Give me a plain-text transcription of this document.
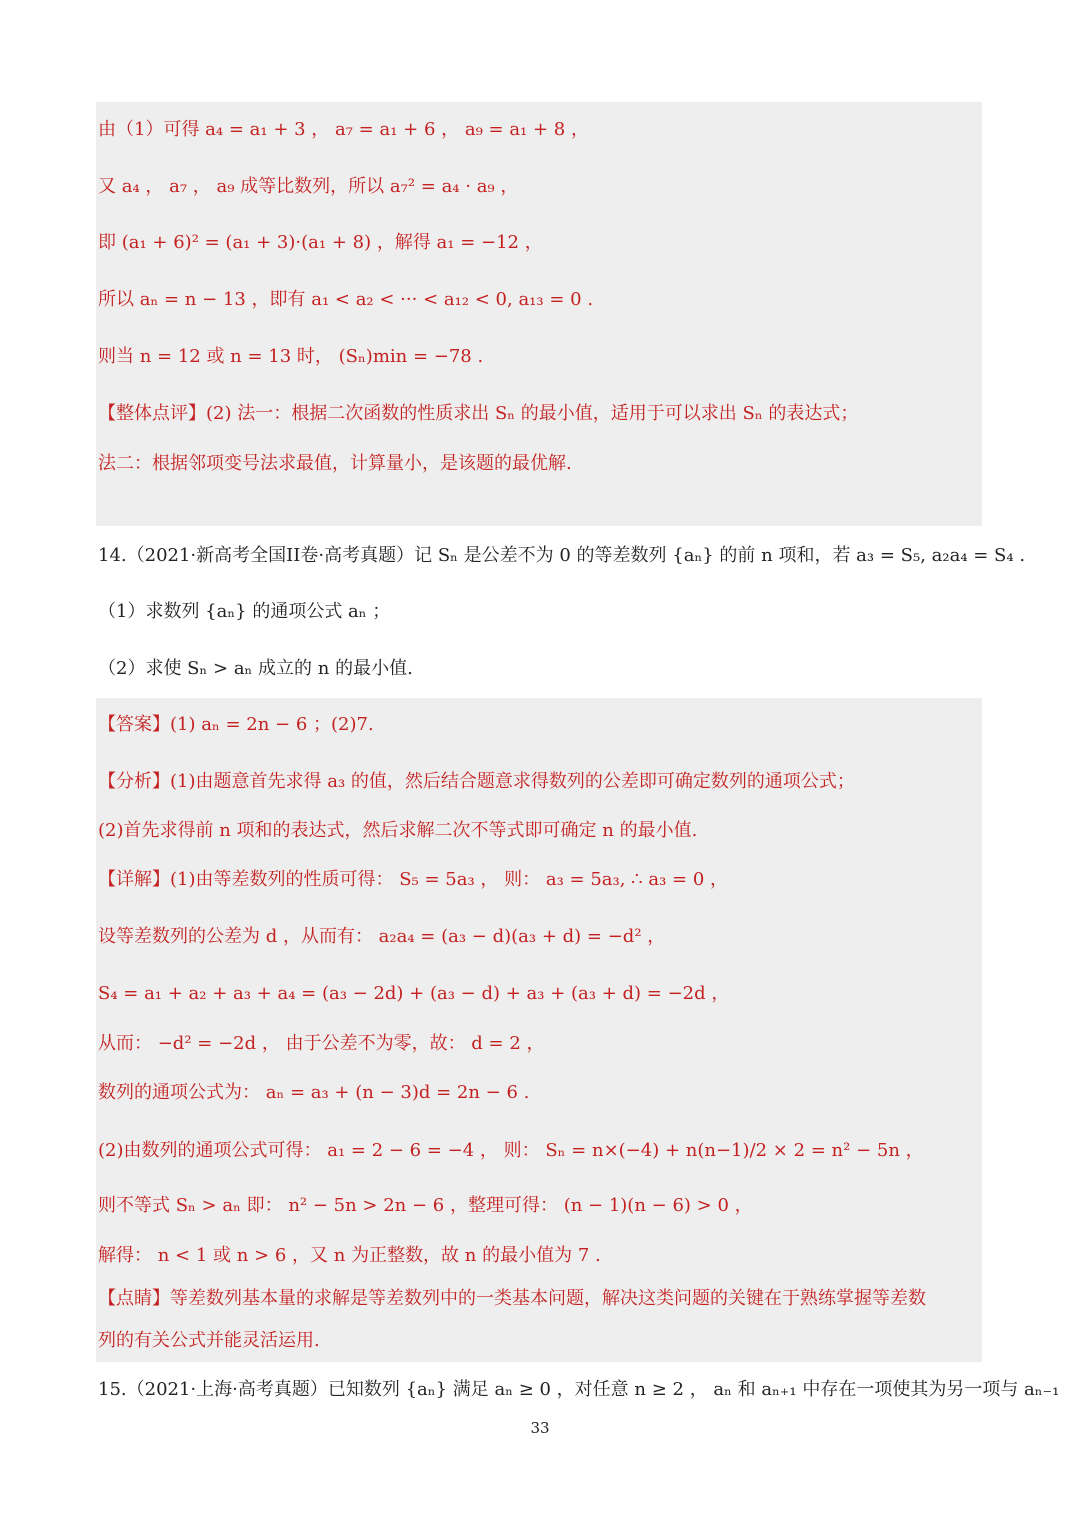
由（1）可得 a₄ = a₁ + 3 ， a₇ = a₁ + 6 ， a₉ = a₁ + 8 ，
又 a₄ ， a₇ ， a₉ 成等比数列，所以 a₇² = a₄ · a₉ ，
即 (a₁ + 6)² = (a₁ + 3)·(a₁ + 8) ，解得 a₁ = −12 ，
所以 aₙ = n − 13 ，即有 a₁ < a₂ < ··· < a₁₂ < 0, a₁₃ = 0 .
则当 n = 12 或 n = 13 时， (Sₙ)min = −78 .
【整体点评】(2) 法一：根据二次函数的性质求出 Sₙ 的最小值，适用于可以求出 Sₙ 的表达式；
法二：根据邻项变号法求最值，计算量小，是该题的最优解.
14.（2021·新高考全国II卷·高考真题）记 Sₙ 是公差不为 0 的等差数列 {aₙ} 的前 n 项和，若 a₃ = S₅, a₂a₄ = S₄ .
（1）求数列 {aₙ} 的通项公式 aₙ ；
（2）求使 Sₙ > aₙ 成立的 n 的最小值.
【答案】(1) aₙ = 2n − 6 ；(2)7.
【分析】(1)由题意首先求得 a₃ 的值，然后结合题意求得数列的公差即可确定数列的通项公式；
(2)首先求得前 n 项和的表达式，然后求解二次不等式即可确定 n 的最小值.
【详解】(1)由等差数列的性质可得： S₅ = 5a₃ ， 则： a₃ = 5a₃, ∴ a₃ = 0 ，
设等差数列的公差为 d ，从而有： a₂a₄ = (a₃ − d)(a₃ + d) = −d² ，
S₄ = a₁ + a₂ + a₃ + a₄ = (a₃ − 2d) + (a₃ − d) + a₃ + (a₃ + d) = −2d ，
从而： −d² = −2d ， 由于公差不为零，故： d = 2 ，
数列的通项公式为： aₙ = a₃ + (n − 3)d = 2n − 6 .
(2)由数列的通项公式可得： a₁ = 2 − 6 = −4 ， 则： Sₙ = n×(−4) + n(n−1)/2 × 2 = n² − 5n ，
则不等式 Sₙ > aₙ 即： n² − 5n > 2n − 6 ，整理可得： (n − 1)(n − 6) > 0 ，
解得： n < 1 或 n > 6 ，又 n 为正整数，故 n 的最小值为 7 .
【点睛】等差数列基本量的求解是等差数列中的一类基本问题，解决这类问题的关键在于熟练掌握等差数
列的有关公式并能灵活运用.
15.（2021·上海·高考真题）已知数列 {aₙ} 满足 aₙ ≥ 0 ，对任意 n ≥ 2 ， aₙ 和 aₙ₊₁ 中存在一项使其为另一项与 aₙ₋₁
33
